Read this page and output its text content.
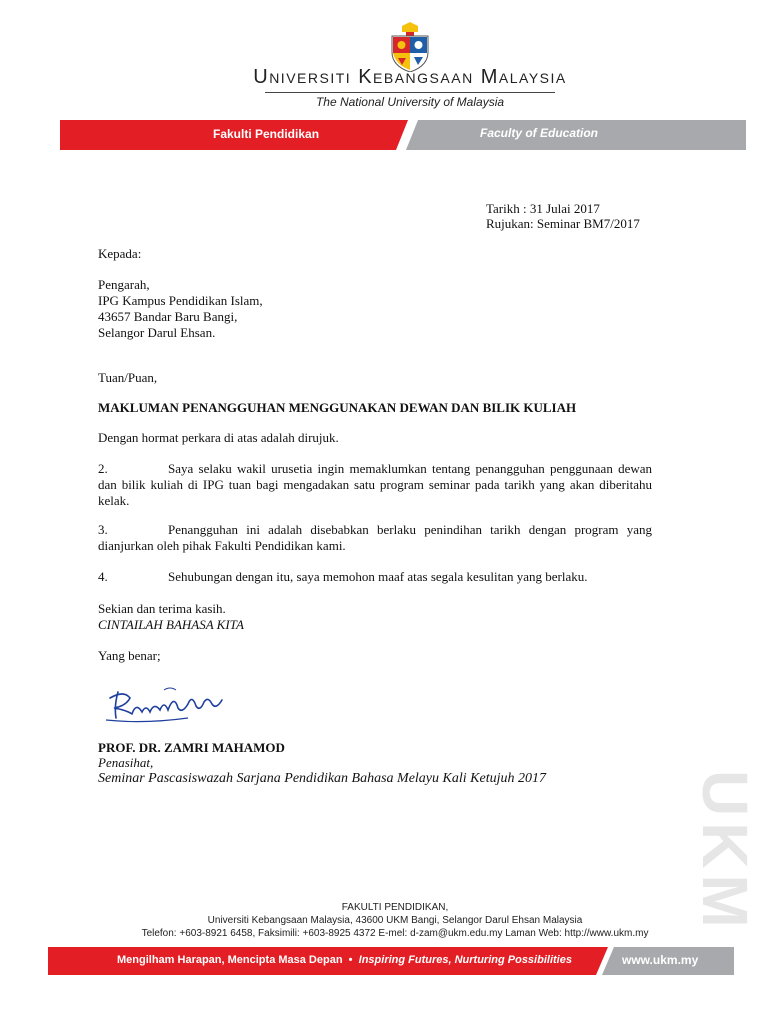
Universiti Kebangsaan Malaysia
The National University of Malaysia
Fakulti Pendidikan	Faculty of Education
Tarikh : 31 Julai 2017
Rujukan: Seminar BM7/2017
Kepada:
Pengarah,
IPG Kampus Pendidikan Islam,
43657 Bandar Baru Bangi,
Selangor Darul Ehsan.
Tuan/Puan,
MAKLUMAN PENANGGUHAN MENGGUNAKAN DEWAN DAN BILIK KULIAH
Dengan hormat perkara di atas adalah dirujuk.
2.	Saya selaku wakil urusetia ingin memaklumkan tentang penangguhan penggunaan dewan dan bilik kuliah di IPG tuan bagi mengadakan satu program seminar pada tarikh yang akan diberitahu kelak.
3.	Penangguhan ini adalah disebabkan berlaku penindihan tarikh dengan program yang dianjurkan oleh pihak Fakulti Pendidikan kami.
4.	Sehubungan dengan itu, saya memohon maaf atas segala kesulitan yang berlaku.
Sekian dan terima kasih.
CINTAILAH BAHASA KITA
Yang benar;
PROF. DR. ZAMRI MAHAMOD
Penasihat,
Seminar Pascasiswazah Sarjana Pendidikan Bahasa Melayu Kali Ketujuh 2017 UKM
FAKULTI PENDIDIKAN,
Universiti Kebangsaan Malaysia, 43600 UKM Bangi, Selangor Darul Ehsan Malaysia
Telefon: +603-8921 6458, Faksimili: +603-8925 4372 E-mel: d-zam@ukm.edu.my Laman Web: http://www.ukm.my
Mengilham Harapan, Mencipta Masa Depan  •  Inspiring Futures, Nurturing Possibilities	www.ukm.my
